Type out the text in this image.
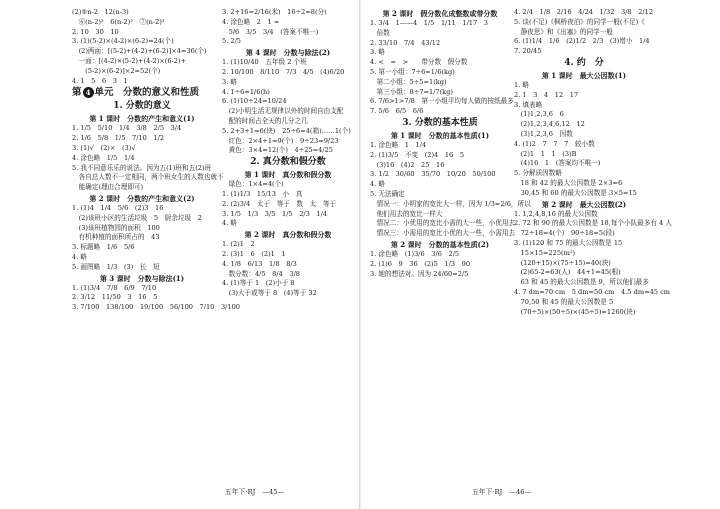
(2)⑤n-2　12(n-3)
　⑥(n-2)²　6(n-2)²　⑦(n-2)³
2. 10　30　10
3. (1)(5-2)×(4-2)×(6-2)=24(个)
　(2)两面：[(5-2)+(4-2)+(6-2)]×4=36(个)
　一面：[(4-2)×(5-2)+(4-2)×(6-2)+
　　(5-2)×(6-2)]×2=52(个)
4. 1　5　6　3　1
第 4 单元　分数的意义和性质
1. 分数的意义
第 1 课时　分数的产生和意义(1)
1. 1/5　5/10　1/4　3/8　2/5　3/4
2. 1/6　5/8　1/5　7/10　1/2
3. (1)√　(2)×　(3)√
4. 涂色略　1/5　1/4
5. 我不同意乐乐的说法。因为五(1)班和五(2)班
　各自总人数不一定相同，两个班女生的人数也就不
　能确定(理由合理即可)
第 2 课时　分数的产生和意义(2)
1. (1)4　1/4　5/6　(2)3　16
　(2)该班小区的生活垃圾　5　厨余垃圾　2
　(3)该班植物园的面积　100
　有机种植的面积所占的　43
3. 标题略　1/6　5/6
4. 略
5. 画图略　1/3　(3)　长　短
第 3 课时　分数与除法(1)
1. (1)3/4　7/8　6/9　7/10
2. 3/12　11/50　3　16　5
3. 7/100　138/100　19/100　56/100　7/10　3/100
3. 2+16=2/16(米)　16÷2=8(分)
4. 涂色略　2　1 =
　5/6　3/5　3/4　(答案不唯一)
5. 2/5
第 4 课时　分数与除法(2)
1. (1)10/40　五年级 2 个班
2. 10/100　8/110　7/3　4/5　(4)6/20
3. 略
4. 1÷6=1/6(h)
6. (1)10÷24=10/24
　(2)小明生活无规律以外的时间自由支配
　配的时间占全天的几分之几
5. 2+3+1=6(块)　25÷6=4(箱)……1(个)
　红色：2×4+1=9(个)　9÷23=9/23
　黄色：3×4=12(个)　4÷25=4/25
2. 真分数和假分数
第 1 课时　真分数和假分数
　绿色：1×4=4(个)
1. (1)1/3　15/13　小　真
2. (2)3/4　太于　等于　数　太　等于
3. 1/5　1/3　3/5　1/5　2/3　1/4
4. 略
第 2 课时　真分数和假分数
1. (2)1　2
2. (3)1　6　(2)1　1
4. 1/8　6/13　1/8　8/3
　数分数：4/5　8/4　3/8
4. (1)等于 1　(2)小于 8
　(3)大于或等于 8　(4)等于 32
第 2 课时　假分数化成整数或带分数
1. 3/4　1——4　1/5　1/11　1/17　3
　倍数
2. 33/10　7/4　43/12
3. 略
4. <　=　>　　带分数　假分数
5. 第一小组：7÷6=1/6(kg)
　第二小组：5÷5=1(kg)
　第三小组：8÷7=1/7(kg)
6. 7/6>1>7/8　第一小组平均每人做的按纸最多
7. 5/6　6/5　6/6
3. 分数的基本性质
第 1 课时　分数的基本性质(1)
1. 涂色略　1　1/4
2. (1)3/5　不变　(2)4　16　5
　(3)16　(4)2　25　16
3. 1/2　30/60　35/70　10/20　50/100
4. 略
5. 无法确定
　情况一：小明家的宽比大一样，因为 1/3=2/6，所以
　他们用去的宽比一样大
　情况二：小优用的宽比小需的大一些，小优用去
　情况三：小需用的宽比小优的大一些，小需用去
第 2 课时　分数的基本性质(2)
1. 涂色略　(1)3/6　3/6　2/5
2. (1)6　9　36　(2)5　1/3　90
3. 她的想法对。因为 24/60=2/5
4. 2/4　1/8　2/16　4/24　1/32　3/8　2/12
5. 谈(不足)《枫桥夜泊》的同学一般(不足)《
　静夜思》和《出塞》的同学一般
6. (1)1/4　1/6　(2)1/2　2/3　(3)增小　1/4
7. 20/45
4. 约　分
第 1 课时　最大公因数(1)
1. 略
2. 1　3　4　12　17
3. 填表略
　(1)1,2,3,6　6
　(2)1,2,3,4,6,12　12
　(3)1,2,3,6　因数
4. (1)2　7　7　7　较小数
　(2)1　1　1　(3)B
　(4)16　1　(答案均不唯一)
5. 分解质因数略
　18 和 42 的最大公因数是 2×3=6
　30,45 和 60 的最大公因数是 3×5=15
第 2 课时　最大公因数(2)
1. 1,2,4,8,16 的最大公因数
2. 72 和 90 的最大公因数是 18,每个小队最多有 4 人
　72÷18=4(个)　90÷18=5(段)
3. (1)120 和 75 的最大公因数是 15
　15×15=225(m²)
　(120+15)×(75÷15)=40(块)
　(2)65-2=63(人)　44+1=45(根)
　63 和 45 的最大公因数是 9，所以他们最多
4. 7 dm=70 cm　5 dm=50 cm　4.5 dm=45 cm
　70,50 和 45 的最大公因数是 5
　(70÷5)×(50÷5)×(45÷5)=1260(块)
五年下·RJ　—45—	五年下·RJ　—46—
